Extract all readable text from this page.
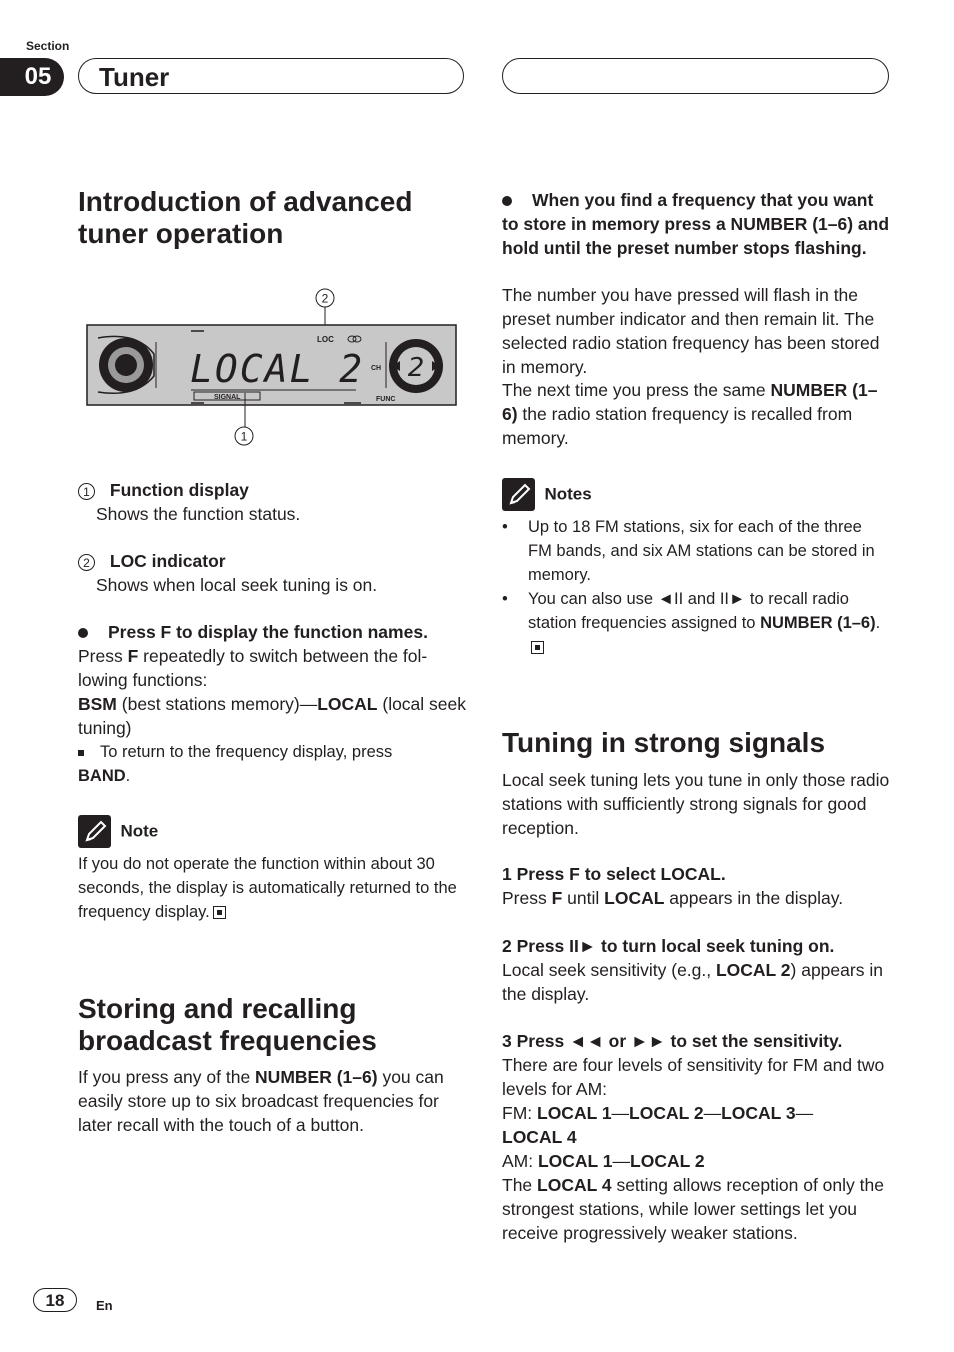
Section
05	Tuner
Introduction of advanced tuner operation
2
LOCAL 2
LOC
SIGNAL
CH
FUNC
2
1
1 Function display
Shows the function status.
2 LOC indicator
Shows when local seek tuning is on.
Press F to display the function names.
Press F repeatedly to switch between the fol-lowing functions:
BSM (best stations memory)—LOCAL (local seek tuning)
To return to the frequency display, press
BAND.
Note
If you do not operate the function within about 30 seconds, the display is automatically returned to the frequency display.
Storing and recalling broadcast frequencies
If you press any of the NUMBER (1–6) you can easily store up to six broadcast frequencies for later recall with the touch of a button.
When you find a frequency that you want to store in memory press a NUMBER (1–6) and hold until the preset number stops flashing.
The number you have pressed will flash in the preset number indicator and then remain lit. The selected radio station frequency has been stored in memory.
The next time you press the same NUMBER (1–6) the radio station frequency is recalled from memory.
Notes
• Up to 18 FM stations, six for each of the three FM bands, and six AM stations can be stored in memory.
• You can also use ◄II and II► to recall radio station frequencies assigned to NUMBER (1–6).
Tuning in strong signals
Local seek tuning lets you tune in only those radio stations with sufficiently strong signals for good reception.
1 Press F to select LOCAL.
Press F until LOCAL appears in the display.
2 Press II► to turn local seek tuning on.
Local seek sensitivity (e.g., LOCAL 2) appears in the display.
3 Press ◄◄ or ►► to set the sensitivity.
There are four levels of sensitivity for FM and two levels for AM:
FM: LOCAL 1—LOCAL 2—LOCAL 3—
LOCAL 4
AM: LOCAL 1—LOCAL 2
The LOCAL 4 setting allows reception of only the strongest stations, while lower settings let you receive progressively weaker stations.
18	En
